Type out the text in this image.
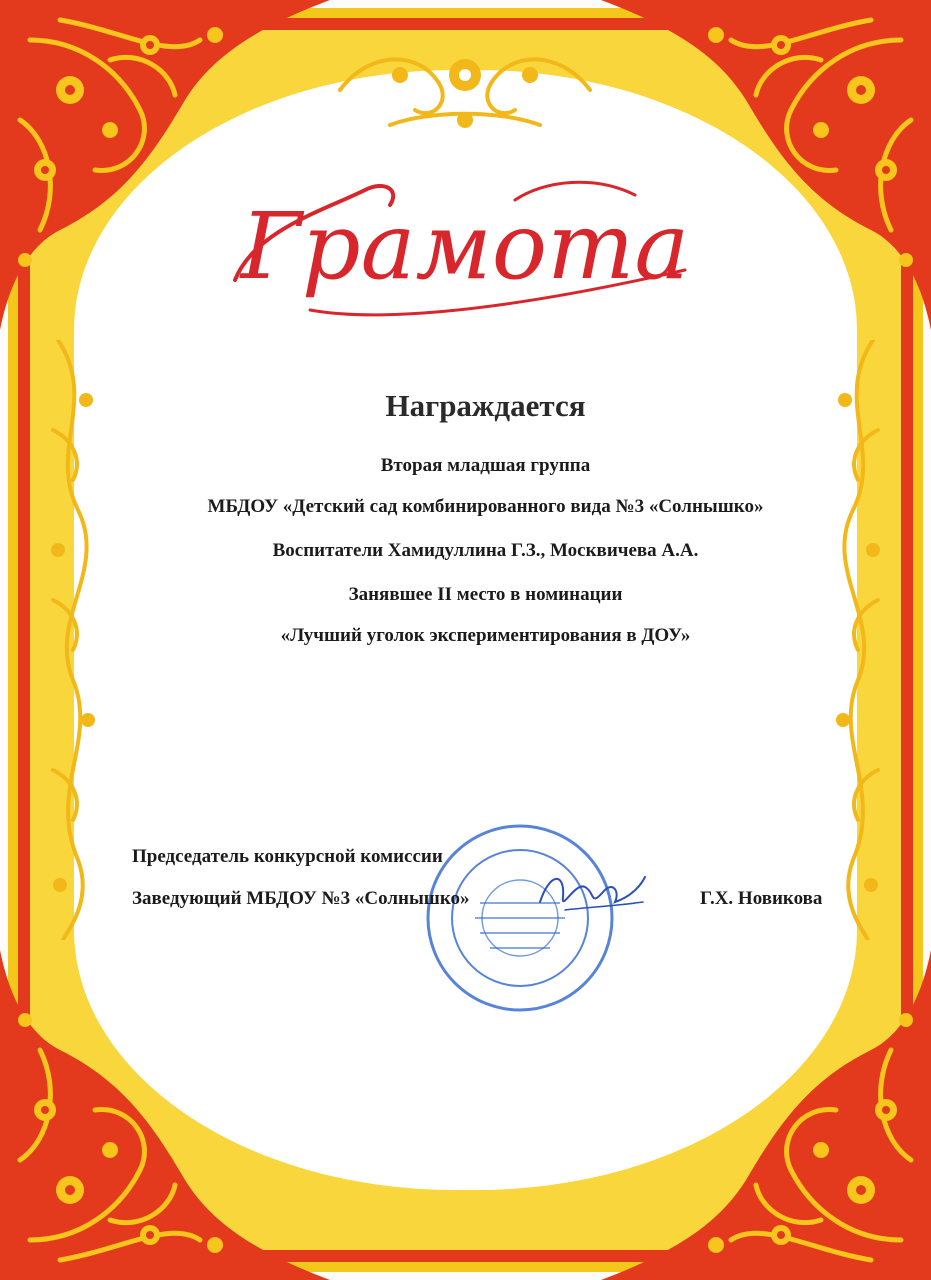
Грамота
Награждается
Вторая младшая группа
МБДОУ «Детский сад комбинированного вида №3 «Солнышко»
Воспитатели Хамидуллина Г.З., Москвичева А.А.
Занявшее II место в номинации
«Лучший уголок экспериментирования в ДОУ»
Председатель конкурсной комиссии
Заведующий МБДОУ №3 «Солнышко»	Г.Х. Новикова
